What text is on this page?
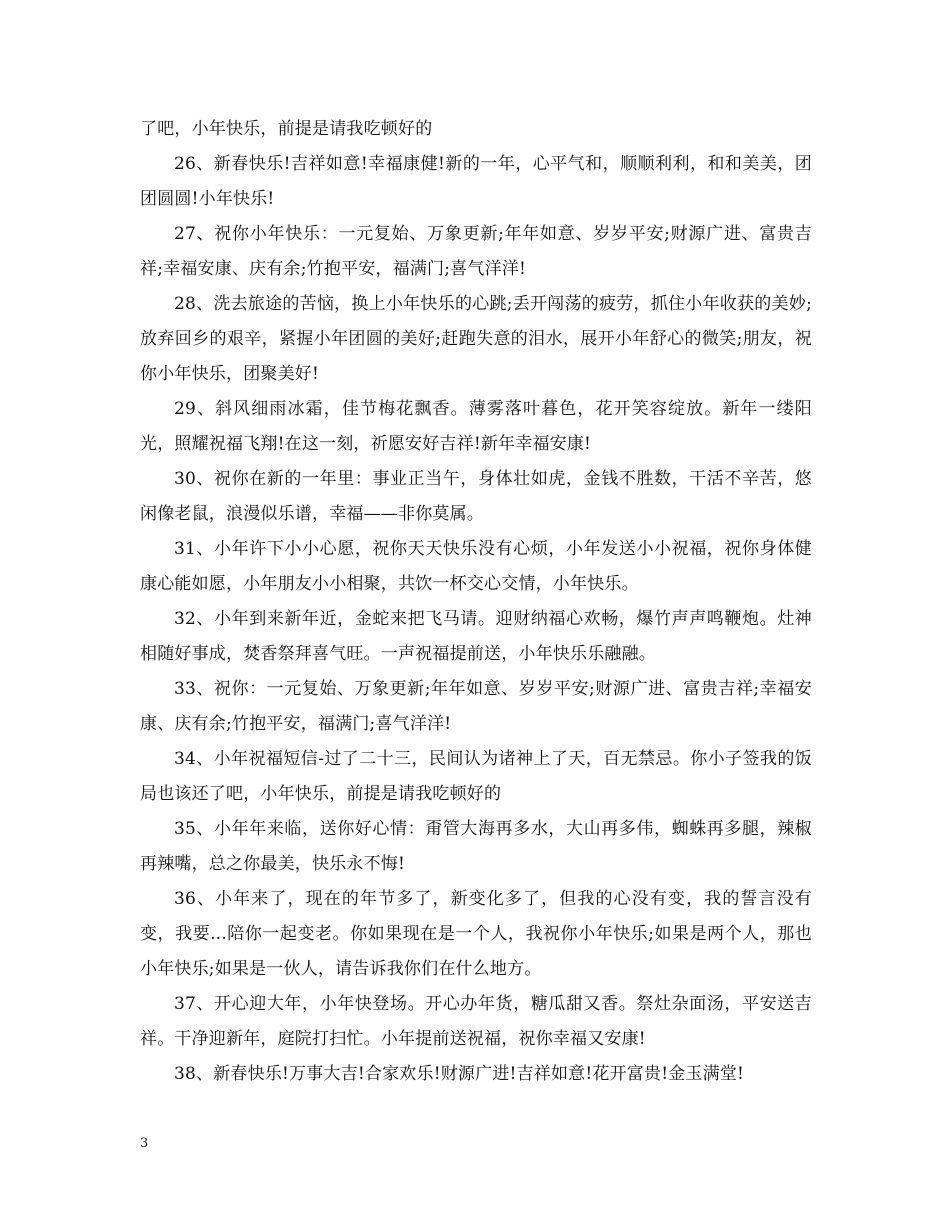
了吧，小年快乐，前提是请我吃顿好的

26、新春快乐!吉祥如意!幸福康健!新的一年，心平气和，顺顺利利，和和美美，团团圆圆!小年快乐!

27、祝你小年快乐：一元复始、万象更新;年年如意、岁岁平安;财源广进、富贵吉祥;幸福安康、庆有余;竹抱平安，福满门;喜气洋洋!

28、洗去旅途的苦恼，换上小年快乐的心跳;丢开闯荡的疲劳，抓住小年收获的美妙;放弃回乡的艰辛，紧握小年团圆的美好;赶跑失意的泪水，展开小年舒心的微笑;朋友，祝你小年快乐，团聚美好!

29、斜风细雨冰霜，佳节梅花飘香。薄雾落叶暮色，花开笑容绽放。新年一缕阳光，照耀祝福飞翔!在这一刻，祈愿安好吉祥!新年幸福安康!

30、祝你在新的一年里：事业正当午，身体壮如虎，金钱不胜数，干活不辛苦，悠闲像老鼠，浪漫似乐谱，幸福——非你莫属。

31、小年许下小小心愿，祝你天天快乐没有心烦，小年发送小小祝福，祝你身体健康心能如愿，小年朋友小小相聚，共饮一杯交心交情，小年快乐。

32、小年到来新年近，金蛇来把飞马请。迎财纳福心欢畅，爆竹声声鸣鞭炮。灶神相随好事成，焚香祭拜喜气旺。一声祝福提前送，小年快乐乐融融。

33、祝你：一元复始、万象更新;年年如意、岁岁平安;财源广进、富贵吉祥;幸福安康、庆有余;竹抱平安，福满门;喜气洋洋!

34、小年祝福短信-过了二十三，民间认为诸神上了天，百无禁忌。你小子签我的饭局也该还了吧，小年快乐，前提是请我吃顿好的

35、小年年来临，送你好心情：甭管大海再多水，大山再多伟，蜘蛛再多腿，辣椒再辣嘴，总之你最美，快乐永不悔!

36、小年来了，现在的年节多了，新变化多了，但我的心没有变，我的誓言没有变，我要...陪你一起变老。你如果现在是一个人，我祝你小年快乐;如果是两个人，那也小年快乐;如果是一伙人，请告诉我你们在什么地方。

37、开心迎大年，小年快登场。开心办年货，糖瓜甜又香。祭灶杂面汤，平安送吉祥。干净迎新年，庭院打扫忙。小年提前送祝福，祝你幸福又安康!

38、新春快乐!万事大吉!合家欢乐!财源广进!吉祥如意!花开富贵!金玉满堂!

3
